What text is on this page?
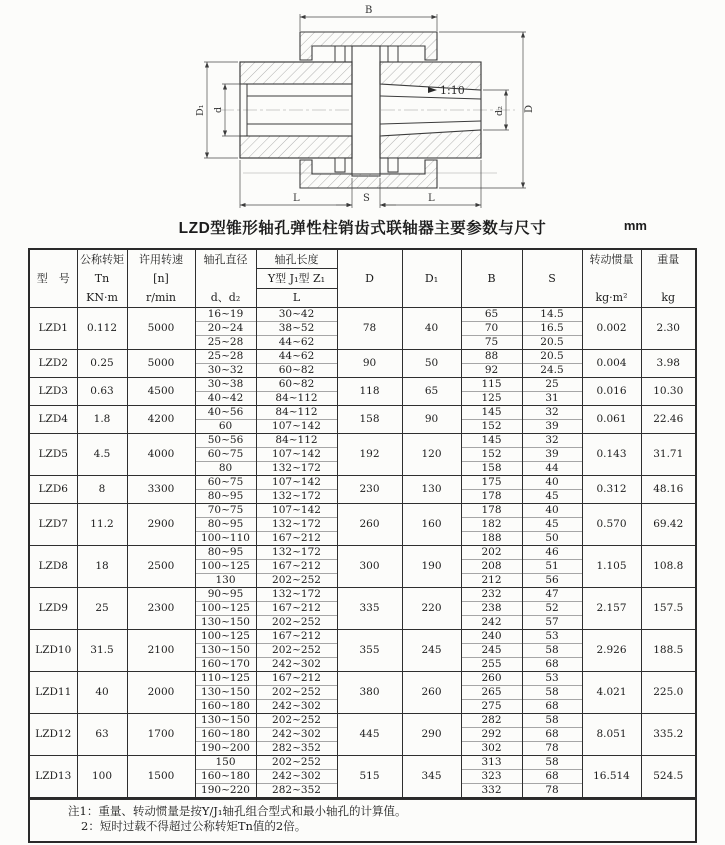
1:10
B
D
d₂
D₁ d
L	S	L
LZD型锥形轴孔弹性柱销齿式联轴器主要参数与尺寸	mm
型　号	
公称转矩
Tn
KN·m

许用转速
[n]
r/min

轴孔直径
d、d₂

轴孔长度
Y型 J₁型 Z₁
L
	D	D₁	B	S	
转动惯量
kg·m²

重量
kg

LZD1	0.112	5000	16~19	30~42	78	40	65	14.5	0.002	2.30
			20~24	38~52			70	16.5		
			25~28	44~62			75	20.5		
LZD2	0.25	5000	25~28	44~62	90	50	88	20.5	0.004	3.98
			30~32	60~82			92	24.5		
LZD3	0.63	4500	30~38	60~82	118	65	115	25	0.016	10.30
			40~42	84~112			125	31		
LZD4	1.8	4200	40~56	84~112	158	90	145	32	0.061	22.46
			60	107~142			152	39		
LZD5	4.5	4000	50~56	84~112	192	120	145	32	0.143	31.71
			60~75	107~142			152	39		
			80	132~172			158	44		
LZD6	8	3300	60~75	107~142	230	130	175	40	0.312	48.16
			80~95	132~172			178	45		
LZD7	11.2	2900	70~75	107~142	260	160	178	40	0.570	69.42
			80~95	132~172			182	45		
			100~110	167~212			188	50		
LZD8	18	2500	80~95	132~172	300	190	202	46	1.105	108.8
			100~125	167~212			208	51		
			130	202~252			212	56		
LZD9	25	2300	90~95	132~172	335	220	232	47	2.157	157.5
			100~125	167~212			238	52		
			130~150	202~252			242	57		
LZD10	31.5	2100	100~125	167~212	355	245	240	53	2.926	188.5
			130~150	202~252			245	58		
			160~170	242~302			255	68		
LZD11	40	2000	110~125	167~212	380	260	260	53	4.021	225.0
			130~150	202~252			265	58		
			160~180	242~302			275	68		
LZD12	63	1700	130~150	202~252	445	290	282	58	8.051	335.2
			160~180	242~302			292	68		
			190~200	282~352			302	78		
LZD13	100	1500	150	202~252	515	345	313	58	16.514	524.5
			160~180	242~302			323	68		
			190~220	282~352			332	78		
注1：重量、转动惯量是按Y/J₁轴孔组合型式和最小轴孔的计算值。
2：短时过载不得超过公称转矩Tn值的2倍。
